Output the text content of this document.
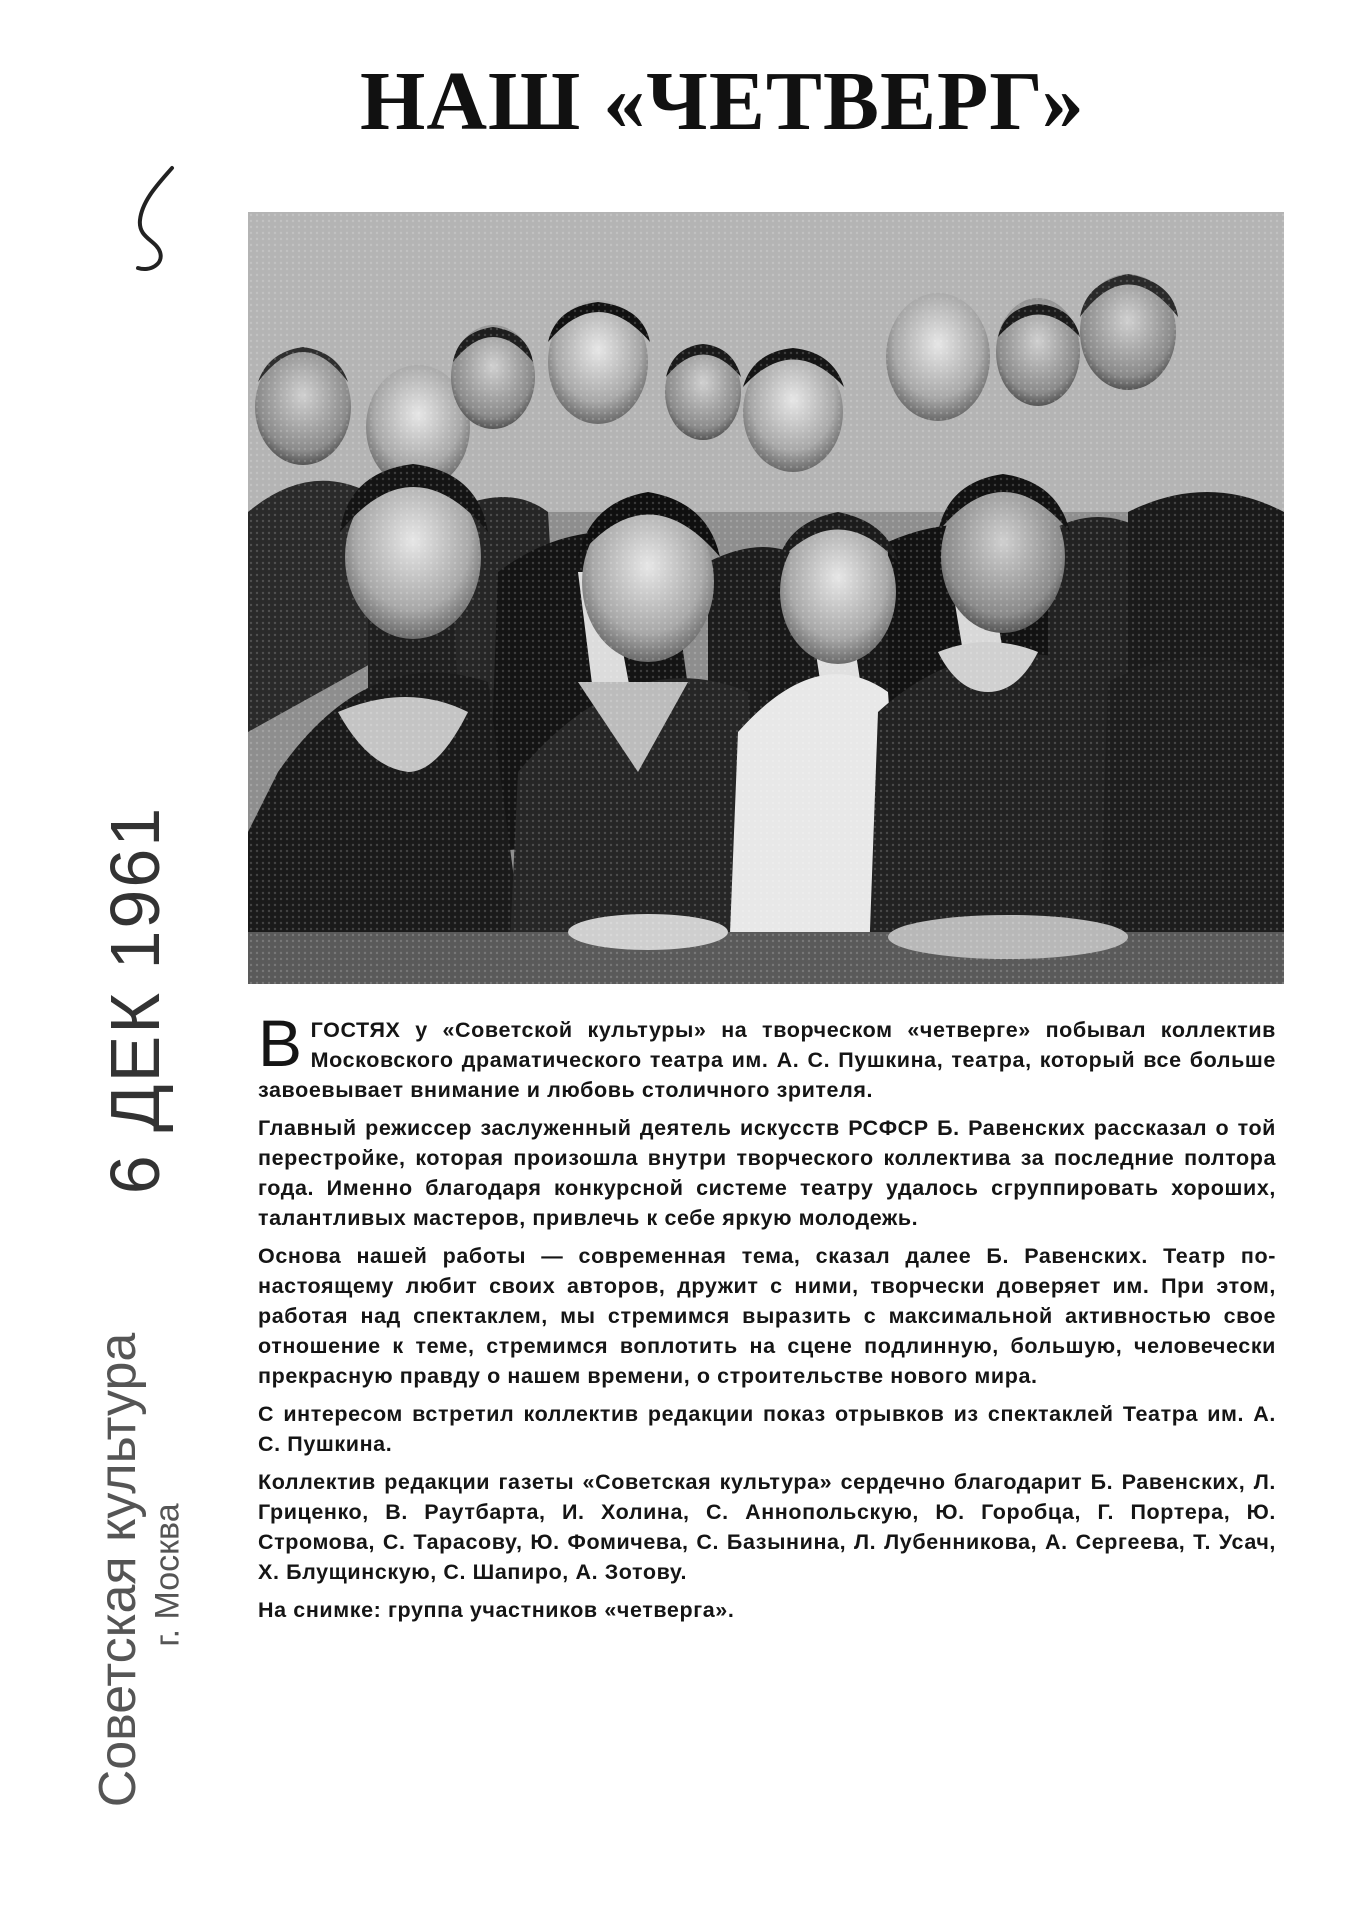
НАШ «ЧЕТВЕРГ»
6 ДЕК 1961
Советская культура г. Москва

ВГОСТЯХ у «Советской культуры» на творческом «четверге» побывал коллектив Московского драматического театра им. А. С. Пушкина, театра, который все больше завоевывает внимание и любовь столичного зрителя.

Главный режиссер заслуженный деятель искусств РСФСР Б. Равенских рассказал о той перестройке, которая произошла внутри творческого коллектива за последние полтора года. Именно благодаря конкурсной системе театру удалось сгруппировать хороших, талантливых мастеров, привлечь к себе яркую молодежь.

Основа нашей работы — современная тема, сказал далее Б. Равенских. Театр по-настоящему любит своих авторов, дружит с ними, творчески доверяет им. При этом, работая над спектаклем, мы стремимся выразить с максимальной активностью свое отношение к теме, стремимся воплотить на сцене подлинную, большую, человечески прекрасную правду о нашем времени, о строительстве нового мира.

С интересом встретил коллектив редакции показ отрывков из спектаклей Театра им. А. С. Пушкина.

Коллектив редакции газеты «Советская культура» сердечно благодарит Б. Равенских, Л. Гриценко, В. Раутбарта, И. Холина, С. Аннопольскую, Ю. Горобца, Г. Портера, Ю. Стромова, С. Тарасову, Ю. Фомичева, С. Базынина, Л. Лубенникова, А. Сергеева, Т. Усач, Х. Блущинскую, С. Шапиро, А. Зотову.

На снимке: группа участников «четверга».
